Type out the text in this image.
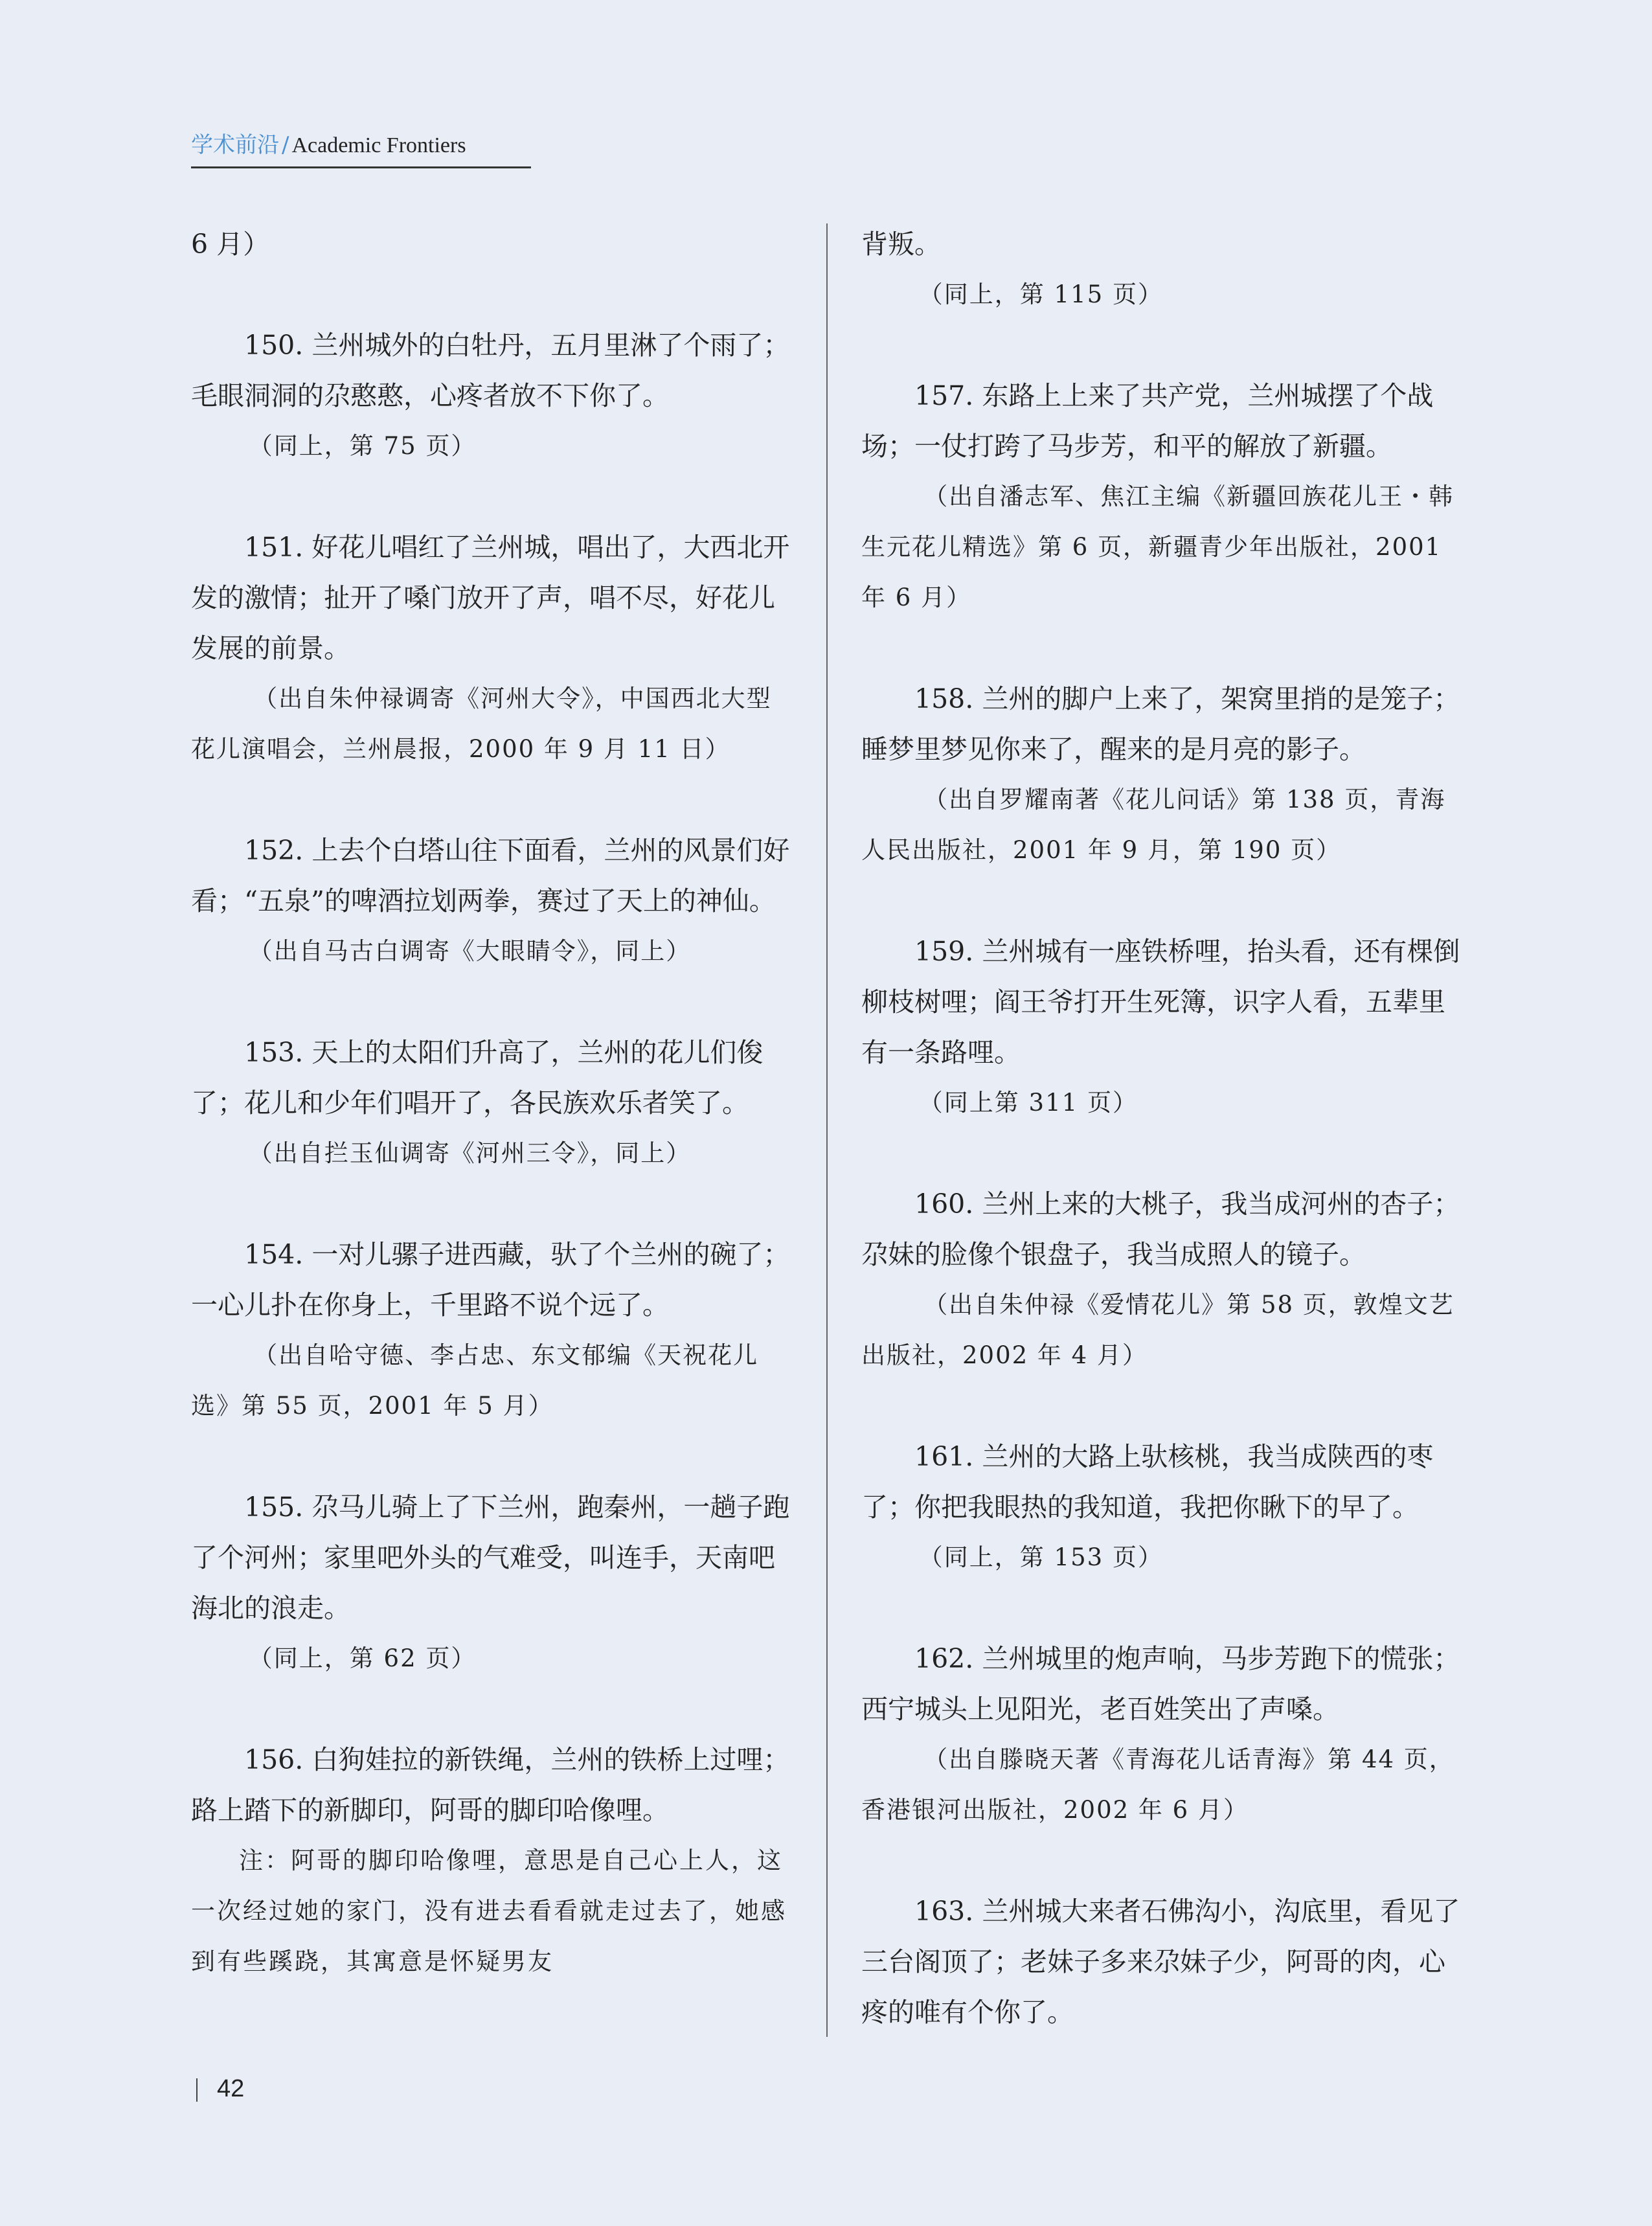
学术前沿 / Academic Frontiers

6 月）

150. 兰州城外的白牡丹，五月里淋了个雨了；毛眼洞洞的尕憨憨，心疼者放不下你了。

（同上，第 75 页）

151. 好花儿唱红了兰州城，唱出了，大西北开发的激情；扯开了嗓门放开了声，唱不尽，好花儿发展的前景。

（出自朱仲禄调寄《河州大令》，中国西北大型花儿演唱会，兰州晨报，2000 年 9 月 11 日）

152. 上去个白塔山往下面看，兰州的风景们好看；“五泉”的啤酒拉划两拳，赛过了天上的神仙。

（出自马古白调寄《大眼睛令》，同上）

153. 天上的太阳们升高了，兰州的花儿们俊了；花儿和少年们唱开了，各民族欢乐者笑了。

（出自拦玉仙调寄《河州三令》，同上）

154. 一对儿骡子进西藏，驮了个兰州的碗了；一心儿扑在你身上，千里路不说个远了。

（出自哈守德、李占忠、东文郁编《天祝花儿选》第 55 页，2001 年 5 月）

155. 尕马儿骑上了下兰州，跑秦州，一趟子跑了个河州；家里吧外头的气难受，叫连手，天南吧海北的浪走。

（同上，第 62 页）

156. 白狗娃拉的新铁绳，兰州的铁桥上过哩；路上踏下的新脚印，阿哥的脚印哈像哩。

注：阿哥的脚印哈像哩，意思是自己心上人，这一次经过她的家门，没有进去看看就走过去了，她感到有些蹊跷，其寓意是怀疑男友

背叛。

（同上，第 115 页）

157. 东路上上来了共产党，兰州城摆了个战场；一仗打跨了马步芳，和平的解放了新疆。

（出自潘志军、焦江主编《新疆回族花儿王・韩生元花儿精选》第 6 页，新疆青少年出版社，2001 年 6 月）

158. 兰州的脚户上来了，架窝里捎的是笼子；睡梦里梦见你来了，醒来的是月亮的影子。

（出自罗耀南著《花儿问话》第 138 页，青海人民出版社，2001 年 9 月，第 190 页）

159. 兰州城有一座铁桥哩，抬头看，还有棵倒柳枝树哩；阎王爷打开生死簿，识字人看，五辈里有一条路哩。

（同上第 311 页）

160. 兰州上来的大桃子，我当成河州的杏子；尕妹的脸像个银盘子，我当成照人的镜子。

（出自朱仲禄《爱情花儿》第 58 页，敦煌文艺出版社，2002 年 4 月）

161. 兰州的大路上驮核桃，我当成陕西的枣了；你把我眼热的我知道，我把你瞅下的早了。

（同上，第 153 页）

162. 兰州城里的炮声响，马步芳跑下的慌张；西宁城头上见阳光，老百姓笑出了声嗓。

（出自滕晓天著《青海花儿话青海》第 44 页，香港银河出版社，2002 年 6 月）

163. 兰州城大来者石佛沟小，沟底里，看见了三台阁顶了；老妹子多来尕妹子少，阿哥的肉，心疼的唯有个你了。

42
